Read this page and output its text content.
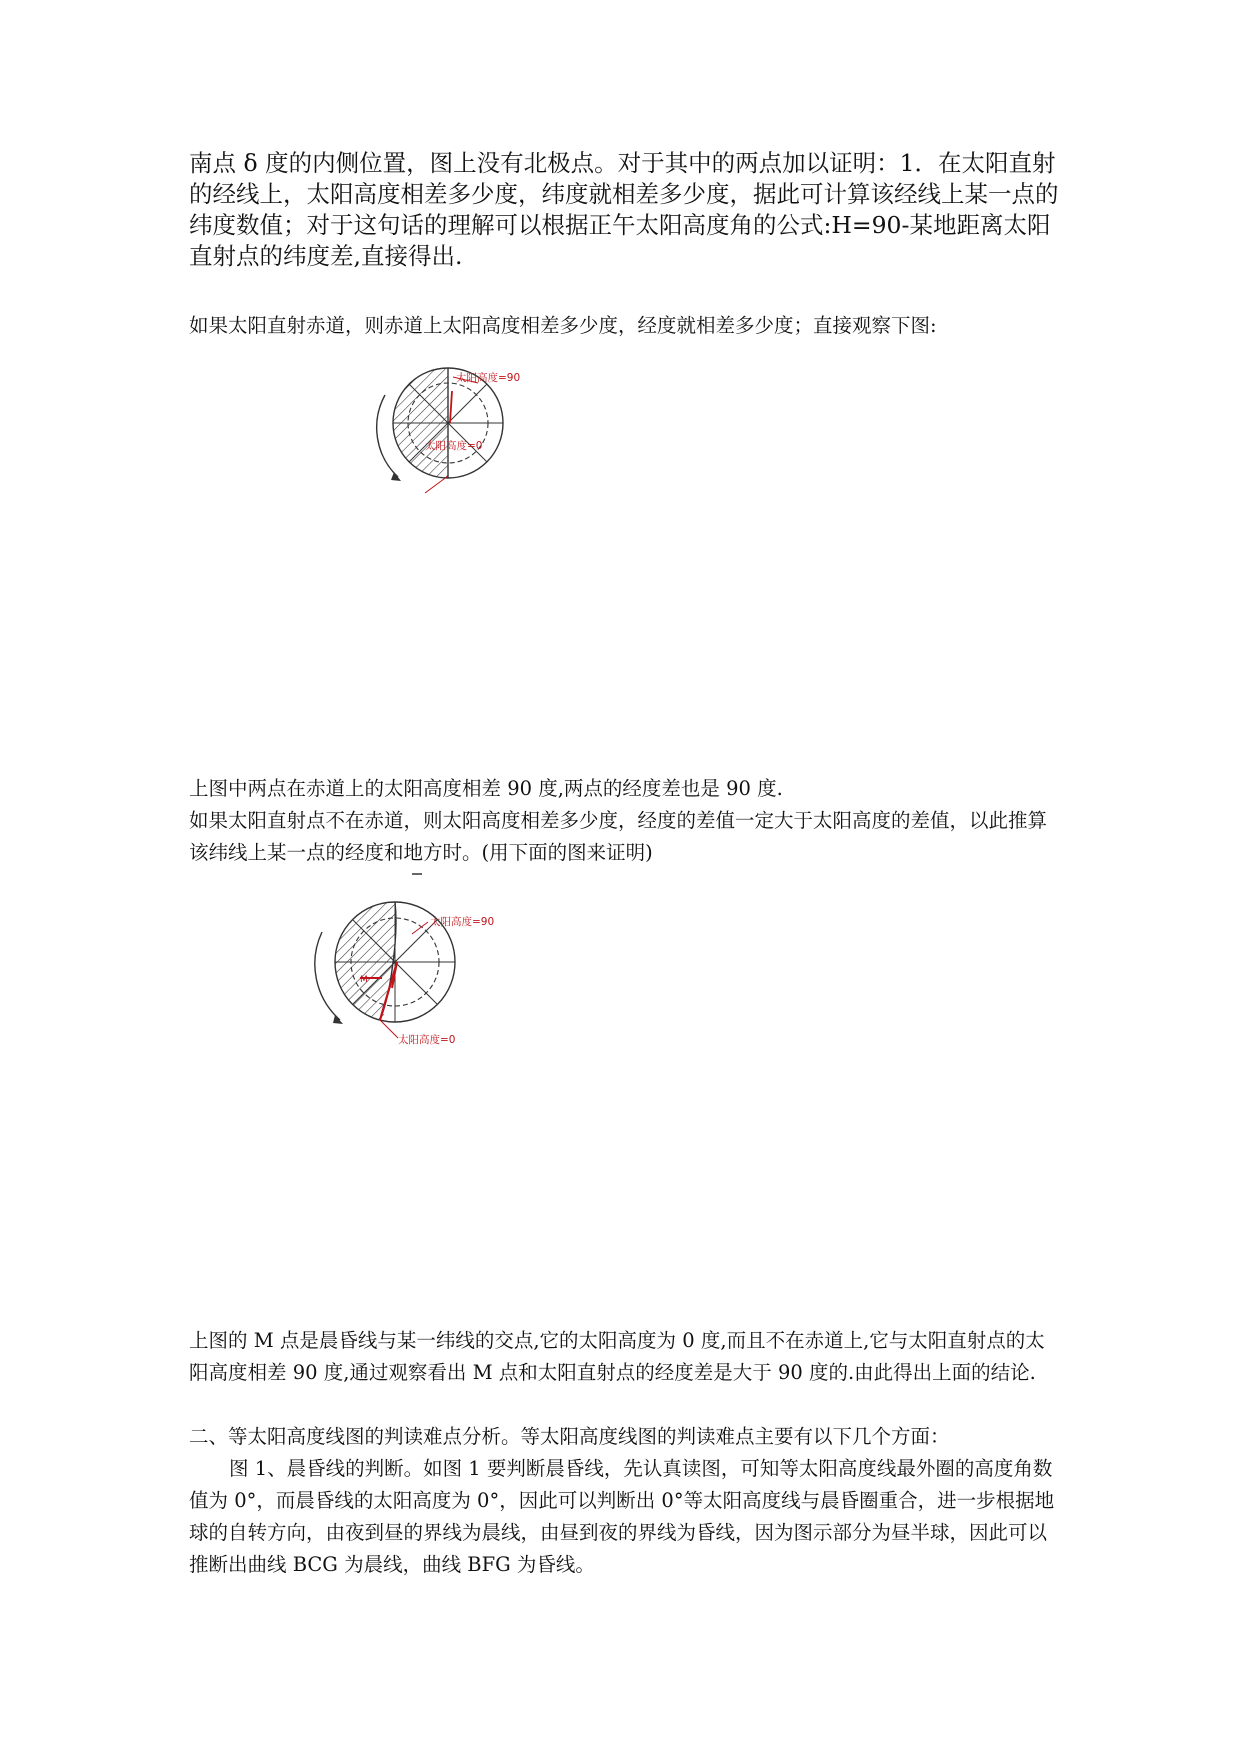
南点 δ 度的内侧位置，图上没有北极点。对于其中的两点加以证明：1．在太阳直射的经线上，太阳高度相差多少度，纬度就相差多少度，据此可计算该经线上某一点的纬度数值；对于这句话的理解可以根据正午太阳高度角的公式:H=90-某地距离太阳直射点的纬度差,直接得出.

如果太阳直射赤道，则赤道上太阳高度相差多少度，经度就相差多少度；直接观察下图:

太阳高度=90
太阳高度=0

上图中两点在赤道上的太阳高度相差 90 度,两点的经度差也是 90 度.

如果太阳直射点不在赤道，则太阳高度相差多少度，经度的差值一定大于太阳高度的差值，以此推算该纬线上某一点的经度和地方时。(用下面的图来证明)

太阳高度=90
太阳高度=0
M

上图的 M 点是晨昏线与某一纬线的交点,它的太阳高度为 0 度,而且不在赤道上,它与太阳直射点的太阳高度相差 90 度,通过观察看出 M 点和太阳直射点的经度差是大于 90 度的.由此得出上面的结论.

二、等太阳高度线图的判读难点分析。等太阳高度线图的判读难点主要有以下几个方面：

图 1、晨昏线的判断。如图 1 要判断晨昏线，先认真读图，可知等太阳高度线最外圈的高度角数值为 0°，而晨昏线的太阳高度为 0°，因此可以判断出 0°等太阳高度线与晨昏圈重合，进一步根据地球的自转方向，由夜到昼的界线为晨线，由昼到夜的界线为昏线，因为图示部分为昼半球，因此可以推断出曲线 BCG 为晨线，曲线 BFG 为昏线。
